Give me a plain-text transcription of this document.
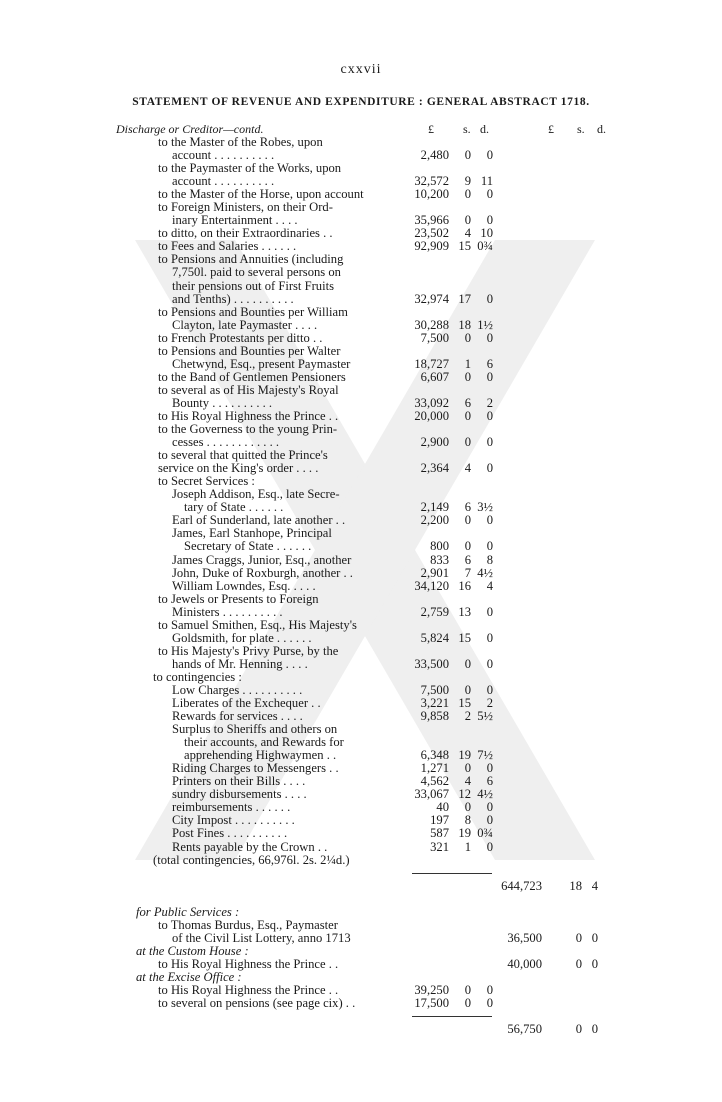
cxxvii
STATEMENT OF REVENUE AND EXPENDITURE : GENERAL ABSTRACT 1718.
Discharge or Creditor—contd.	£ s. d.	£ s. d.
to the Master of the Robes, upon
account . . . . . . . . . .	2,480	0	0
to the Paymaster of the Works, upon
account . . . . . . . . . .	32,572	9 11
to the Master of the Horse, upon account	10,200	0	0
to Foreign Ministers, on their Ord-
inary Entertainment . . . .	35,966	0	0
to ditto, on their Extraordinaries . .	23,502	4 10
to Fees and Salaries . . . . . .	92,909 15 0¾
to Pensions and Annuities (including
7,750l. paid to several persons on
their pensions out of First Fruits
and Tenths) . . . . . . . . . .	32,974 17	0
to Pensions and Bounties per William
Clayton, late Paymaster . . . .	30,288 18 1½
to French Protestants per ditto . .	7,500	0	0
to Pensions and Bounties per Walter
Chetwynd, Esq., present Paymaster	18,727	1	6
to the Band of Gentlemen Pensioners	6,607	0	0
to several as of His Majesty's Royal
Bounty . . . . . . . . . .	33,092	6	2
to His Royal Highness the Prince . .	20,000	0	0
to the Governess to the young Prin-
cesses . . . . . . . . . . . .	2,900	0	0
to several that quitted the Prince's
service on the King's order . . . .	2,364	4	0
to Secret Services :
Joseph Addison, Esq., late Secre-
tary of State . . . . . .	2,149	6 3½
Earl of Sunderland, late another . .	2,200	0	0
James, Earl Stanhope, Principal
Secretary of State . . . . . .	800	0	0
James Craggs, Junior, Esq., another	833	6	8
John, Duke of Roxburgh, another . .	2,901	7 4½
William Lowndes, Esq. . . . .	34,120 16	4
to Jewels or Presents to Foreign
Ministers . . . . . . . . . .	2,759 13	0
to Samuel Smithen, Esq., His Majesty's
Goldsmith, for plate . . . . . .	5,824 15	0
to His Majesty's Privy Purse, by the
hands of Mr. Henning . . . .	33,500	0	0
to contingencies :
Low Charges . . . . . . . . . .	7,500	0	0
Liberates of the Exchequer . .	3,221 15	2
Rewards for services . . . .	9,858	2 5½
Surplus to Sheriffs and others on
their accounts, and Rewards for
apprehending Highwaymen . .	6,348 19 7½
Riding Charges to Messengers . .	1,271	0	0
Printers on their Bills . . . .	4,562	4	6
sundry disbursements . . . .	33,067 12 4½
reimbursements . . . . . .	40	0	0
City Impost . . . . . . . . . .	197	8	0
Post Fines . . . . . . . . . .	587 19 0¾
Rents payable by the Crown . .	321	1	0
(total contingencies, 66,976l. 2s. 2¼d.)
644,723	18 4
for Public Services :
to Thomas Burdus, Esq., Paymaster
of the Civil List Lottery, anno 1713	36,500	0 0
at the Custom House :
to His Royal Highness the Prince . .	40,000	0 0
at the Excise Office :
to His Royal Highness the Prince . .	39,250	0	0
to several on pensions (see page cix) . .	17,500	0	0
56,750	0 0
